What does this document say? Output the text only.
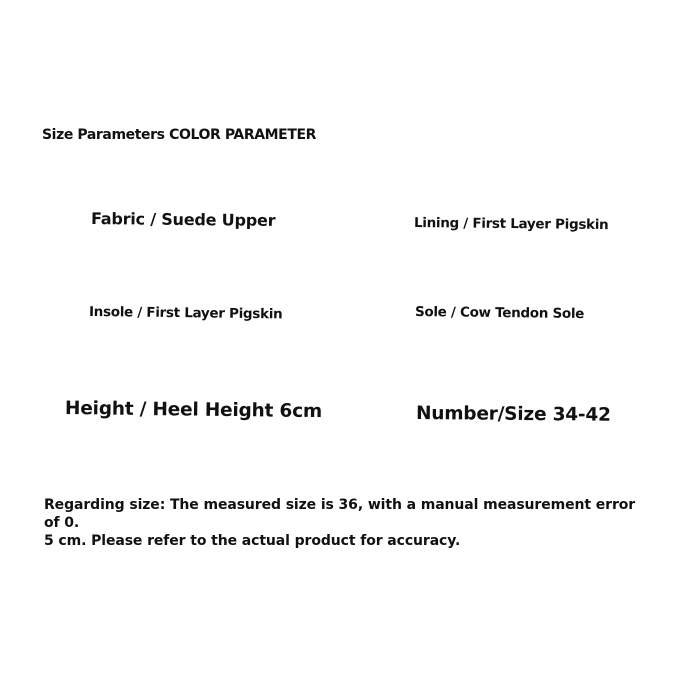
Size Parameters COLOR PARAMETER
Fabric / Suede Upper	Lining / First Layer Pigskin
Insole / First Layer Pigskin	Sole / Cow Tendon Sole
Height / Heel Height 6cm	Number/Size 34-42
Regarding size: The measured size is 36, with a manual measurement error of 0.
5 cm. Please refer to the actual product for accuracy.
